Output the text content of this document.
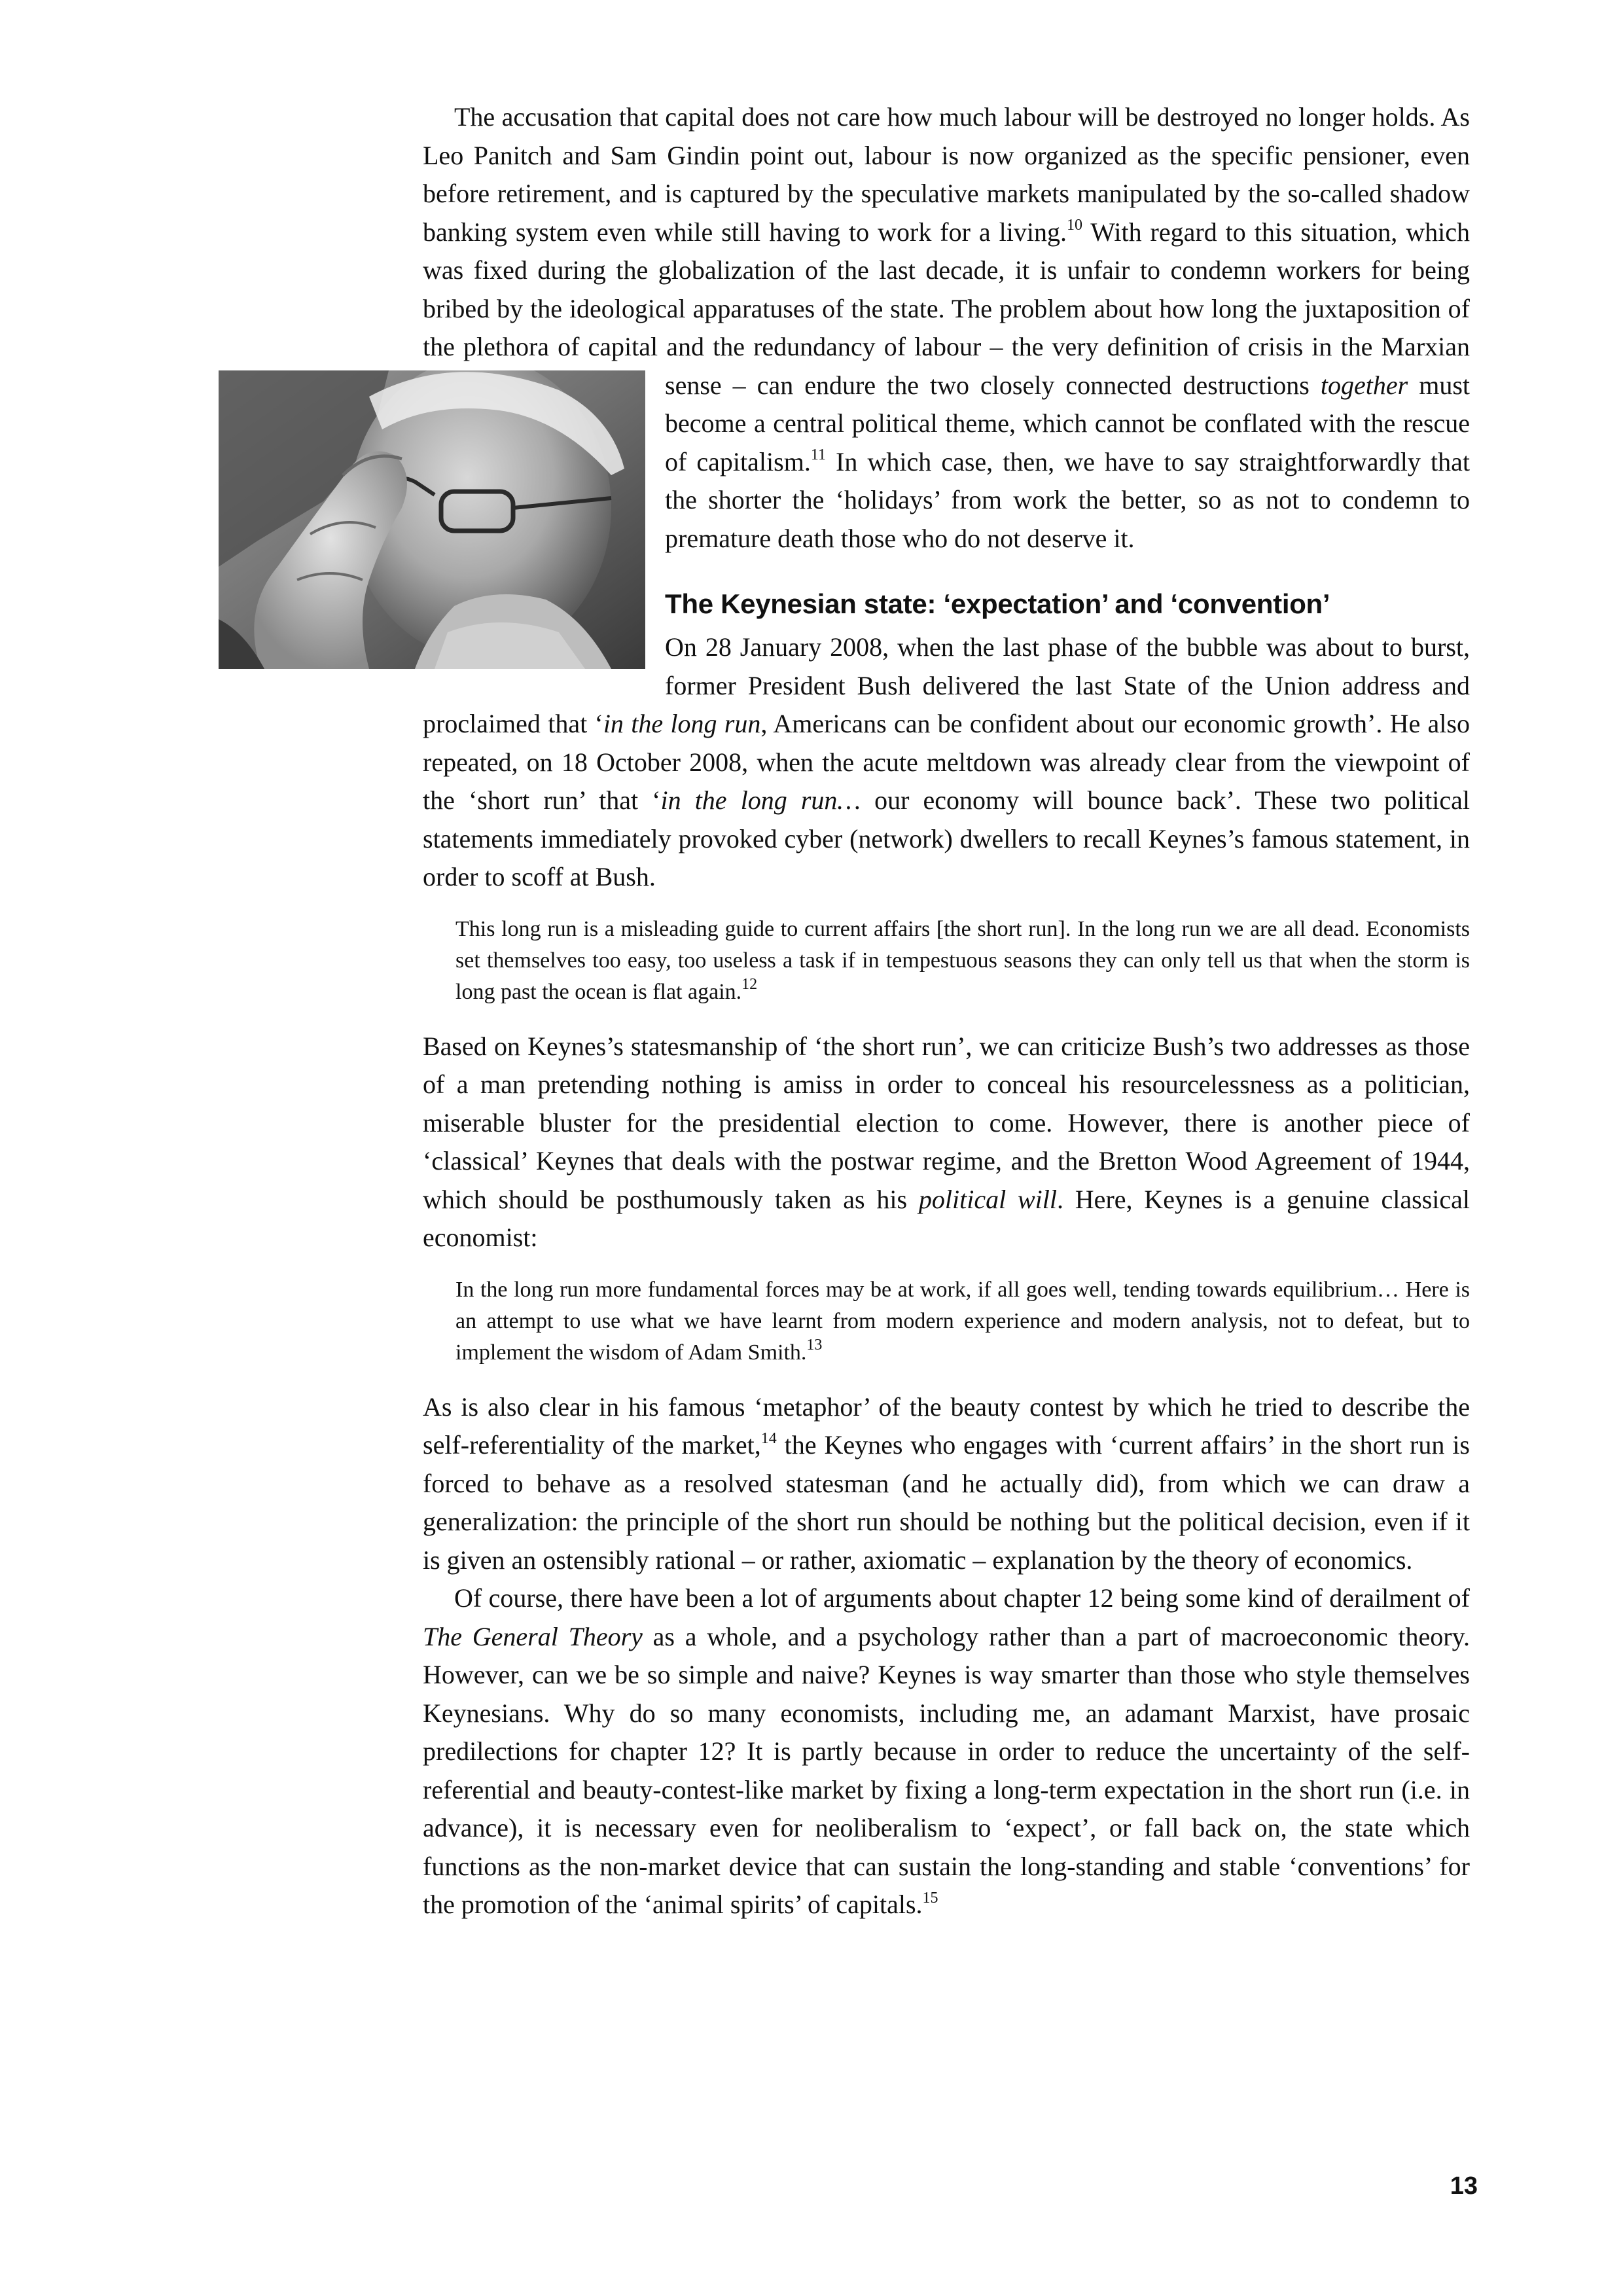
The accusation that capital does not care how much labour will be destroyed no longer holds. As Leo Panitch and Sam Gindin point out, labour is now organized as the specific pensioner, even before retirement, and is captured by the speculative markets manipulated by the so-called shadow banking system even while still having to work for a living.$^{10}$ With regard to this situation, which was fixed during the globalization of the last decade, it is unfair to condemn workers for being bribed by the ideological apparatuses of the state. The problem about how long the juxtaposition of the plethora of capital and the redundancy of labour – the very definition of crisis in the Marxian sense – can endure the two closely connected destructions
together must become a central political theme, which cannot be conflated with the rescue of capitalism.$^{11}$ In which case, then, we have to say straightforwardly that the shorter the ‘holidays’ from work the better, so as not to condemn to premature death those who do not deserve it.

The Keynesian state: ‘expectation’ and ‘convention’

On 28 January 2008, when the last phase of the bubble was about to burst, former President Bush delivered the last State of the Union address and proclaimed that ‘in the long run, Americans can be confident about our economic growth’. He also repeated, on 18 October 2008, when the acute meltdown was already clear from the viewpoint of the ‘short run’ that ‘in the long run… our economy will bounce back’. These two political statements immediately provoked cyber (network) dwellers to recall Keynes’s famous statement, in order to scoff at Bush.

This long run is a misleading guide to current affairs [the short run]. In the long run we are all dead. Economists set themselves too easy, too useless a task if in tempestuous seasons they can only tell us that when the storm is long past the ocean is flat again.$^{12}$

Based on Keynes’s statesmanship of ‘the short run’, we can criticize Bush’s two addresses as those of a man pretending nothing is amiss in order to conceal his resourcelessness as a politician, miserable bluster for the presidential election to come. However, there is another piece of ‘classical’ Keynes that deals with the postwar regime, and the Bretton Wood Agreement of 1944, which should be posthumously taken as his political will. Here, Keynes is a genuine classical economist:

In the long run more fundamental forces may be at work, if all goes well, tending towards equilibrium… Here is an attempt to use what we have learnt from modern experience and modern analysis, not to defeat, but to implement the wisdom of Adam Smith.$^{13}$

As is also clear in his famous ‘metaphor’ of the beauty contest by which he tried to describe the self-referentiality of the market,$^{14}$ the Keynes who engages with ‘current affairs’ in the short run is forced to behave as a resolved statesman (and he actually did), from which we can draw a generalization: the principle of the short run should be nothing but the political decision, even if it is given an ostensibly rational – or rather, axiomatic – explanation by the theory of economics.

Of course, there have been a lot of arguments about chapter 12 being some kind of derailment of The General Theory as a whole, and a psychology rather than a part of macroeconomic theory. However, can we be so simple and naive? Keynes is way smarter than those who style themselves Keynesians. Why do so many economists, including me, an adamant Marxist, have prosaic predilections for chapter 12? It is partly because in order to reduce the uncertainty of the self-referential and beauty-contest-like market by fixing a long-term expectation in the short run (i.e. in advance), it is necessary even for neoliberalism to ‘expect’, or fall back on, the state which functions as the non-market device that can sustain the long-standing and stable ‘conventions’ for the promotion of the ‘animal spirits’ of capitals.$^{15}$

13
